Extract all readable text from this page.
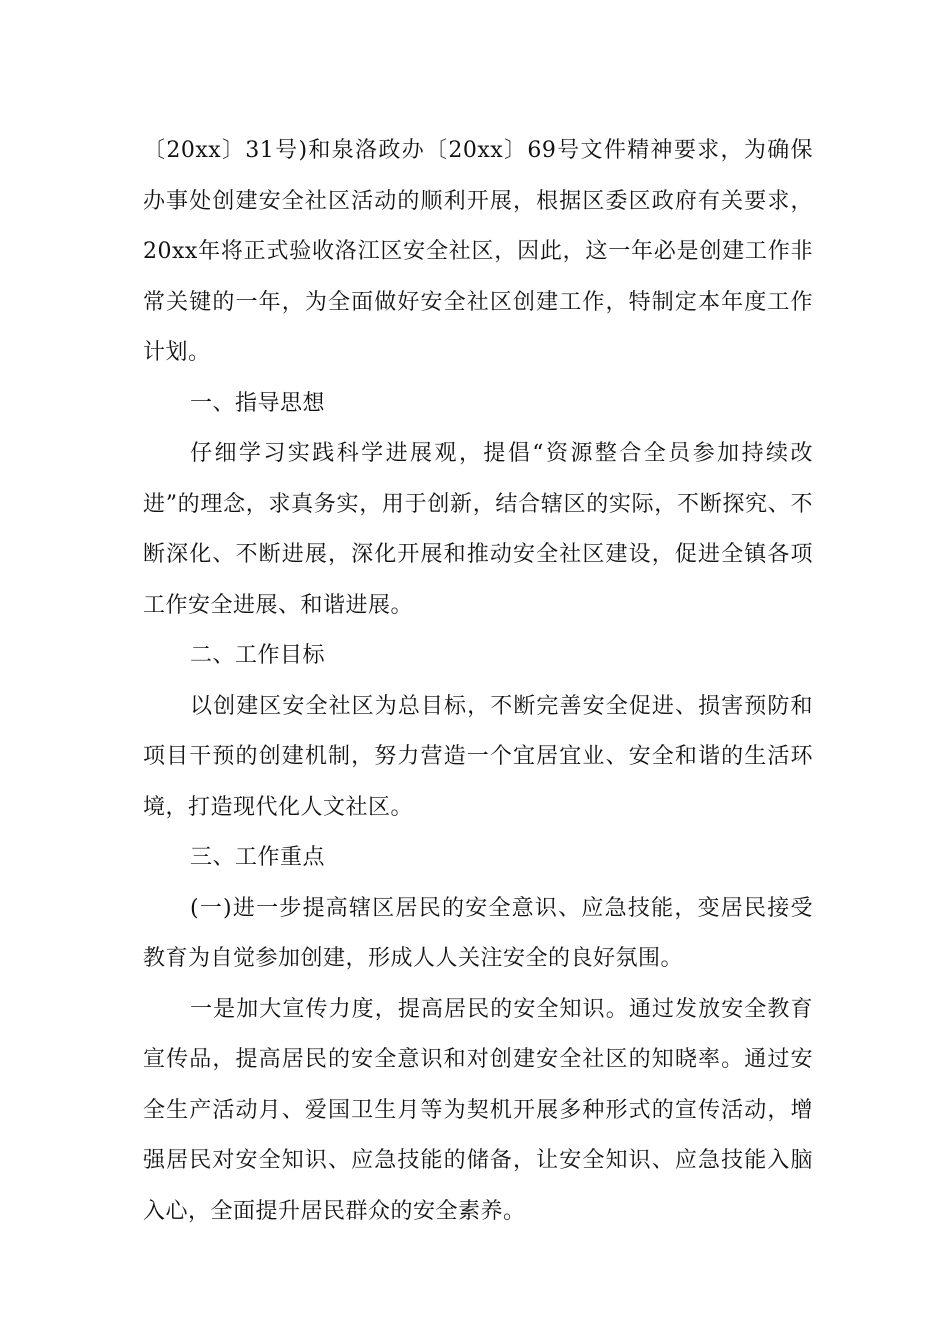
〔20xx〕31号)和泉洛政办〔20xx〕69号文件精神要求，为确保办事处创建安全社区活动的顺利开展，根据区委区政府有关要求，20xx年将正式验收洛江区安全社区，因此，这一年必是创建工作非常关键的一年，为全面做好安全社区创建工作，特制定本年度工作计划。

一、指导思想

仔细学习实践科学进展观，提倡“资源整合全员参加持续改进”的理念，求真务实，用于创新，结合辖区的实际，不断探究、不断深化、不断进展，深化开展和推动安全社区建设，促进全镇各项工作安全进展、和谐进展。

二、工作目标

以创建区安全社区为总目标，不断完善安全促进、损害预防和项目干预的创建机制，努力营造一个宜居宜业、安全和谐的生活环境，打造现代化人文社区。

三、工作重点

(一)进一步提高辖区居民的安全意识、应急技能，变居民接受教育为自觉参加创建，形成人人关注安全的良好氛围。

一是加大宣传力度，提高居民的安全知识。通过发放安全教育宣传品，提高居民的安全意识和对创建安全社区的知晓率。通过安全生产活动月、爱国卫生月等为契机开展多种形式的宣传活动，增强居民对安全知识、应急技能的储备，让安全知识、应急技能入脑入心，全面提升居民群众的安全素养。
